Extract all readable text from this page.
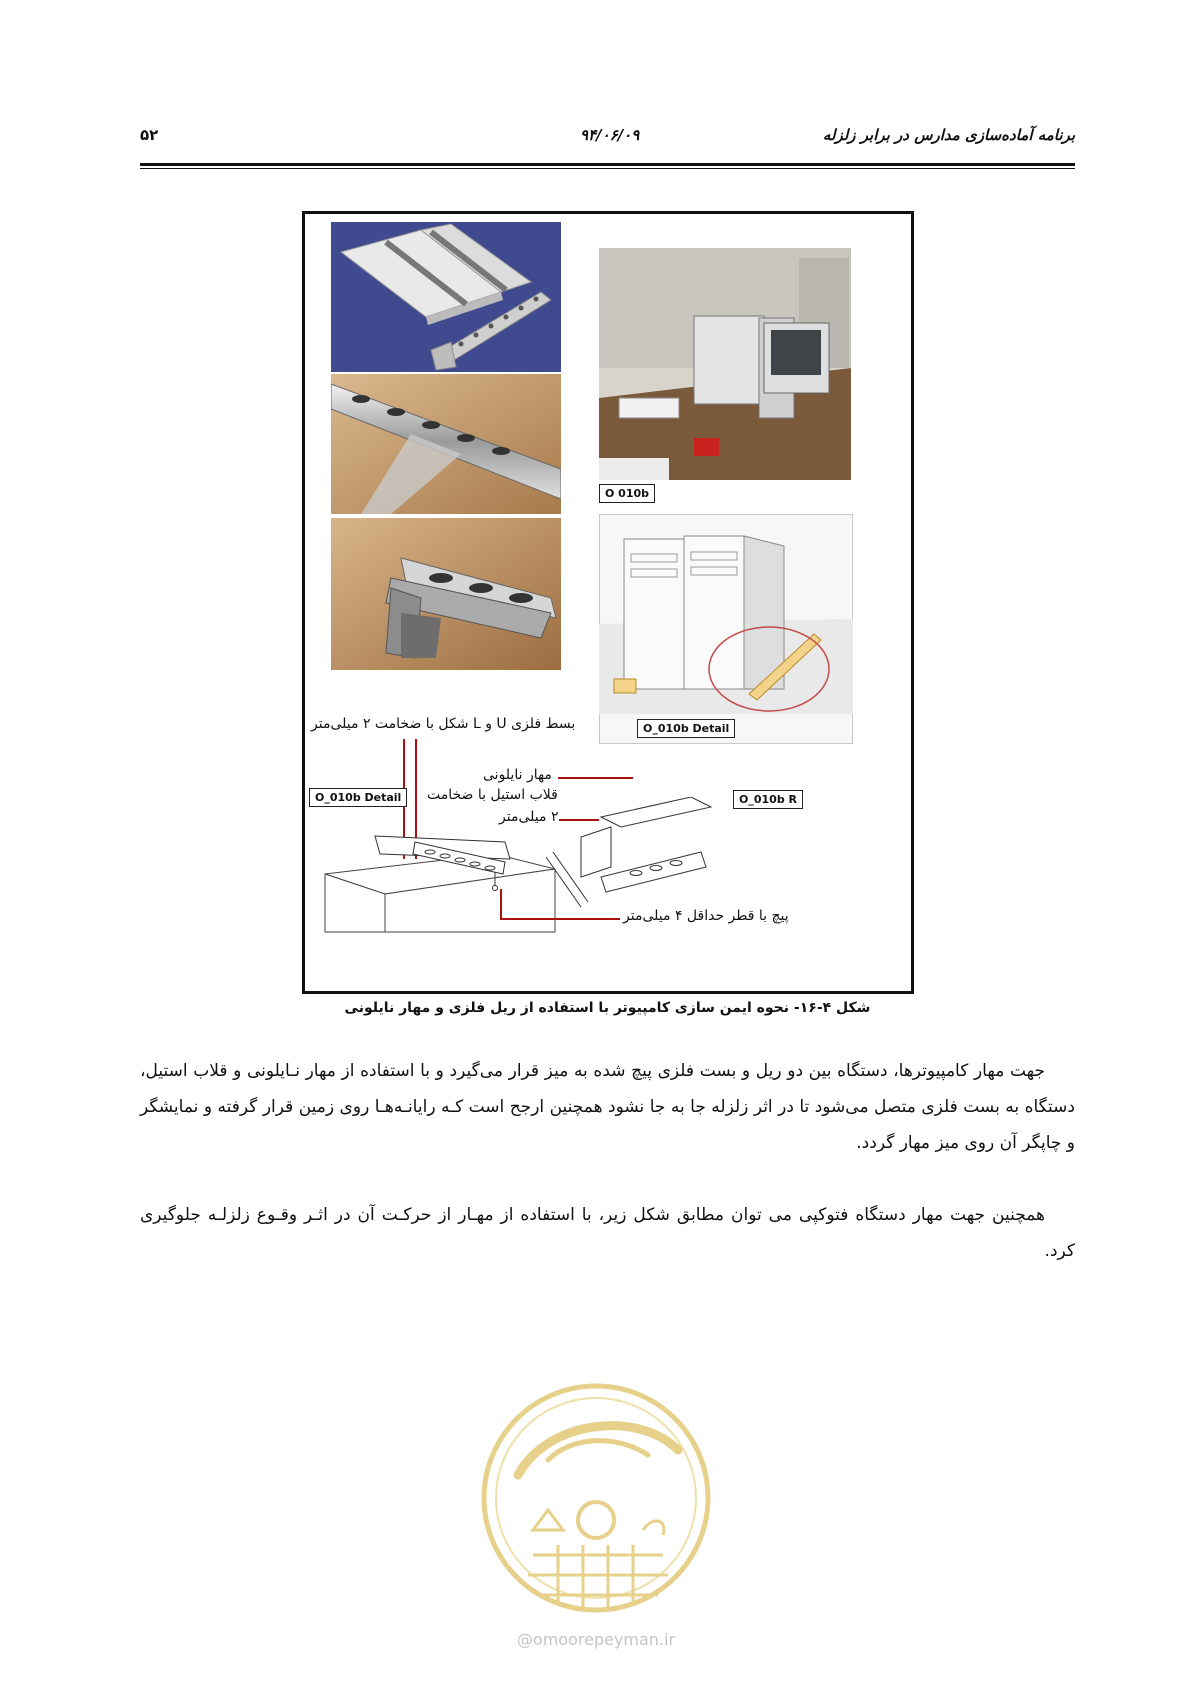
۵۲	۹۴/۰۶/۰۹	برنامه آماده‌سازی مدارس در برابر زلزله
O 010b
O_010b Detail
بسط فلزی U و L شکل با ضخامت ۲ میلی‌متر
O_010b Detail	O_010b R
مهار نایلونی
قلاب استیل با ضخامت
۲ میلی‌متر
پیچ با قطر حداقل ۴ میلی‌متر
شکل ۴-۱۶- نحوه ایمن سازی کامپیوتر با استفاده از ریل فلزی و مهار نایلونی
جهت مهار کامپیوترها، دستگاه بین دو ریل و بست فلزی پیچ شده به میز قرار می‌گیرد و با استفاده از مهار نـایلونی و قلاب استیل، دستگاه به بست فلزی متصل می‌شود تا در اثر زلزله جا به جا نشود همچنین ارجح است کـه رایانـه‌هـا روی زمین قرار گرفته و نمایشگر و چاپگر آن روی میز مهار گردد.
همچنین جهت مهار دستگاه فتوکپی می توان مطابق شکل زیر، با استفاده از مهـار از حرکـت آن در اثـر وقـوع زلزلـه جلوگیری کرد.
@omoorepeyman.ir
